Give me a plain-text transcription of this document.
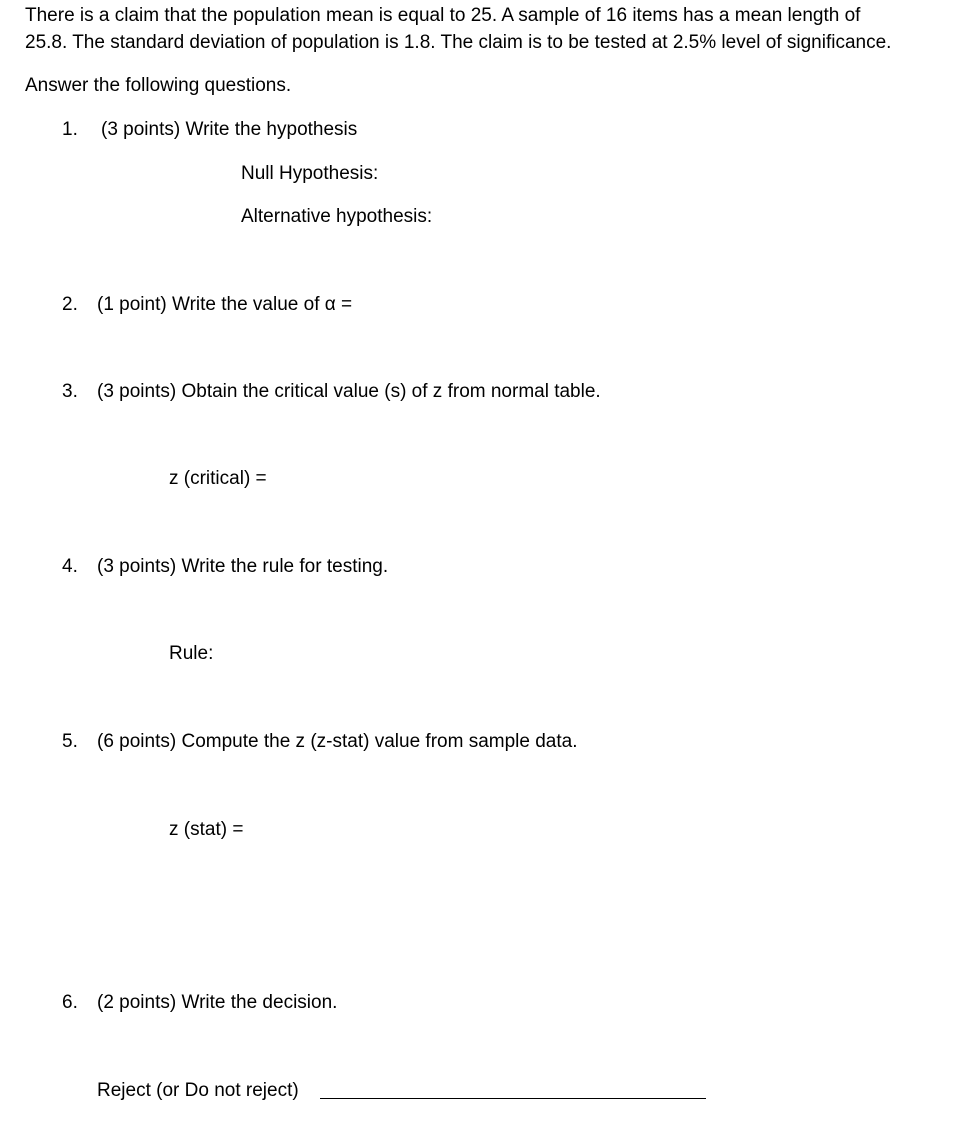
There is a claim that the population mean is equal to 25. A sample of 16 items has a mean length of
25.8. The standard deviation of population is 1.8. The claim is to be tested at 2.5% level of significance.
Answer the following questions.
1. (3 points) Write the hypothesis
Null Hypothesis:
Alternative hypothesis:
2. (1 point) Write the value of α =
3. (3 points) Obtain the critical value (s) of z from normal table.
z (critical) =
4. (3 points) Write the rule for testing.
Rule:
5. (6 points) Compute the z (z-stat) value from sample data.
z (stat) =
6. (2 points) Write the decision.
Reject (or Do not reject)
